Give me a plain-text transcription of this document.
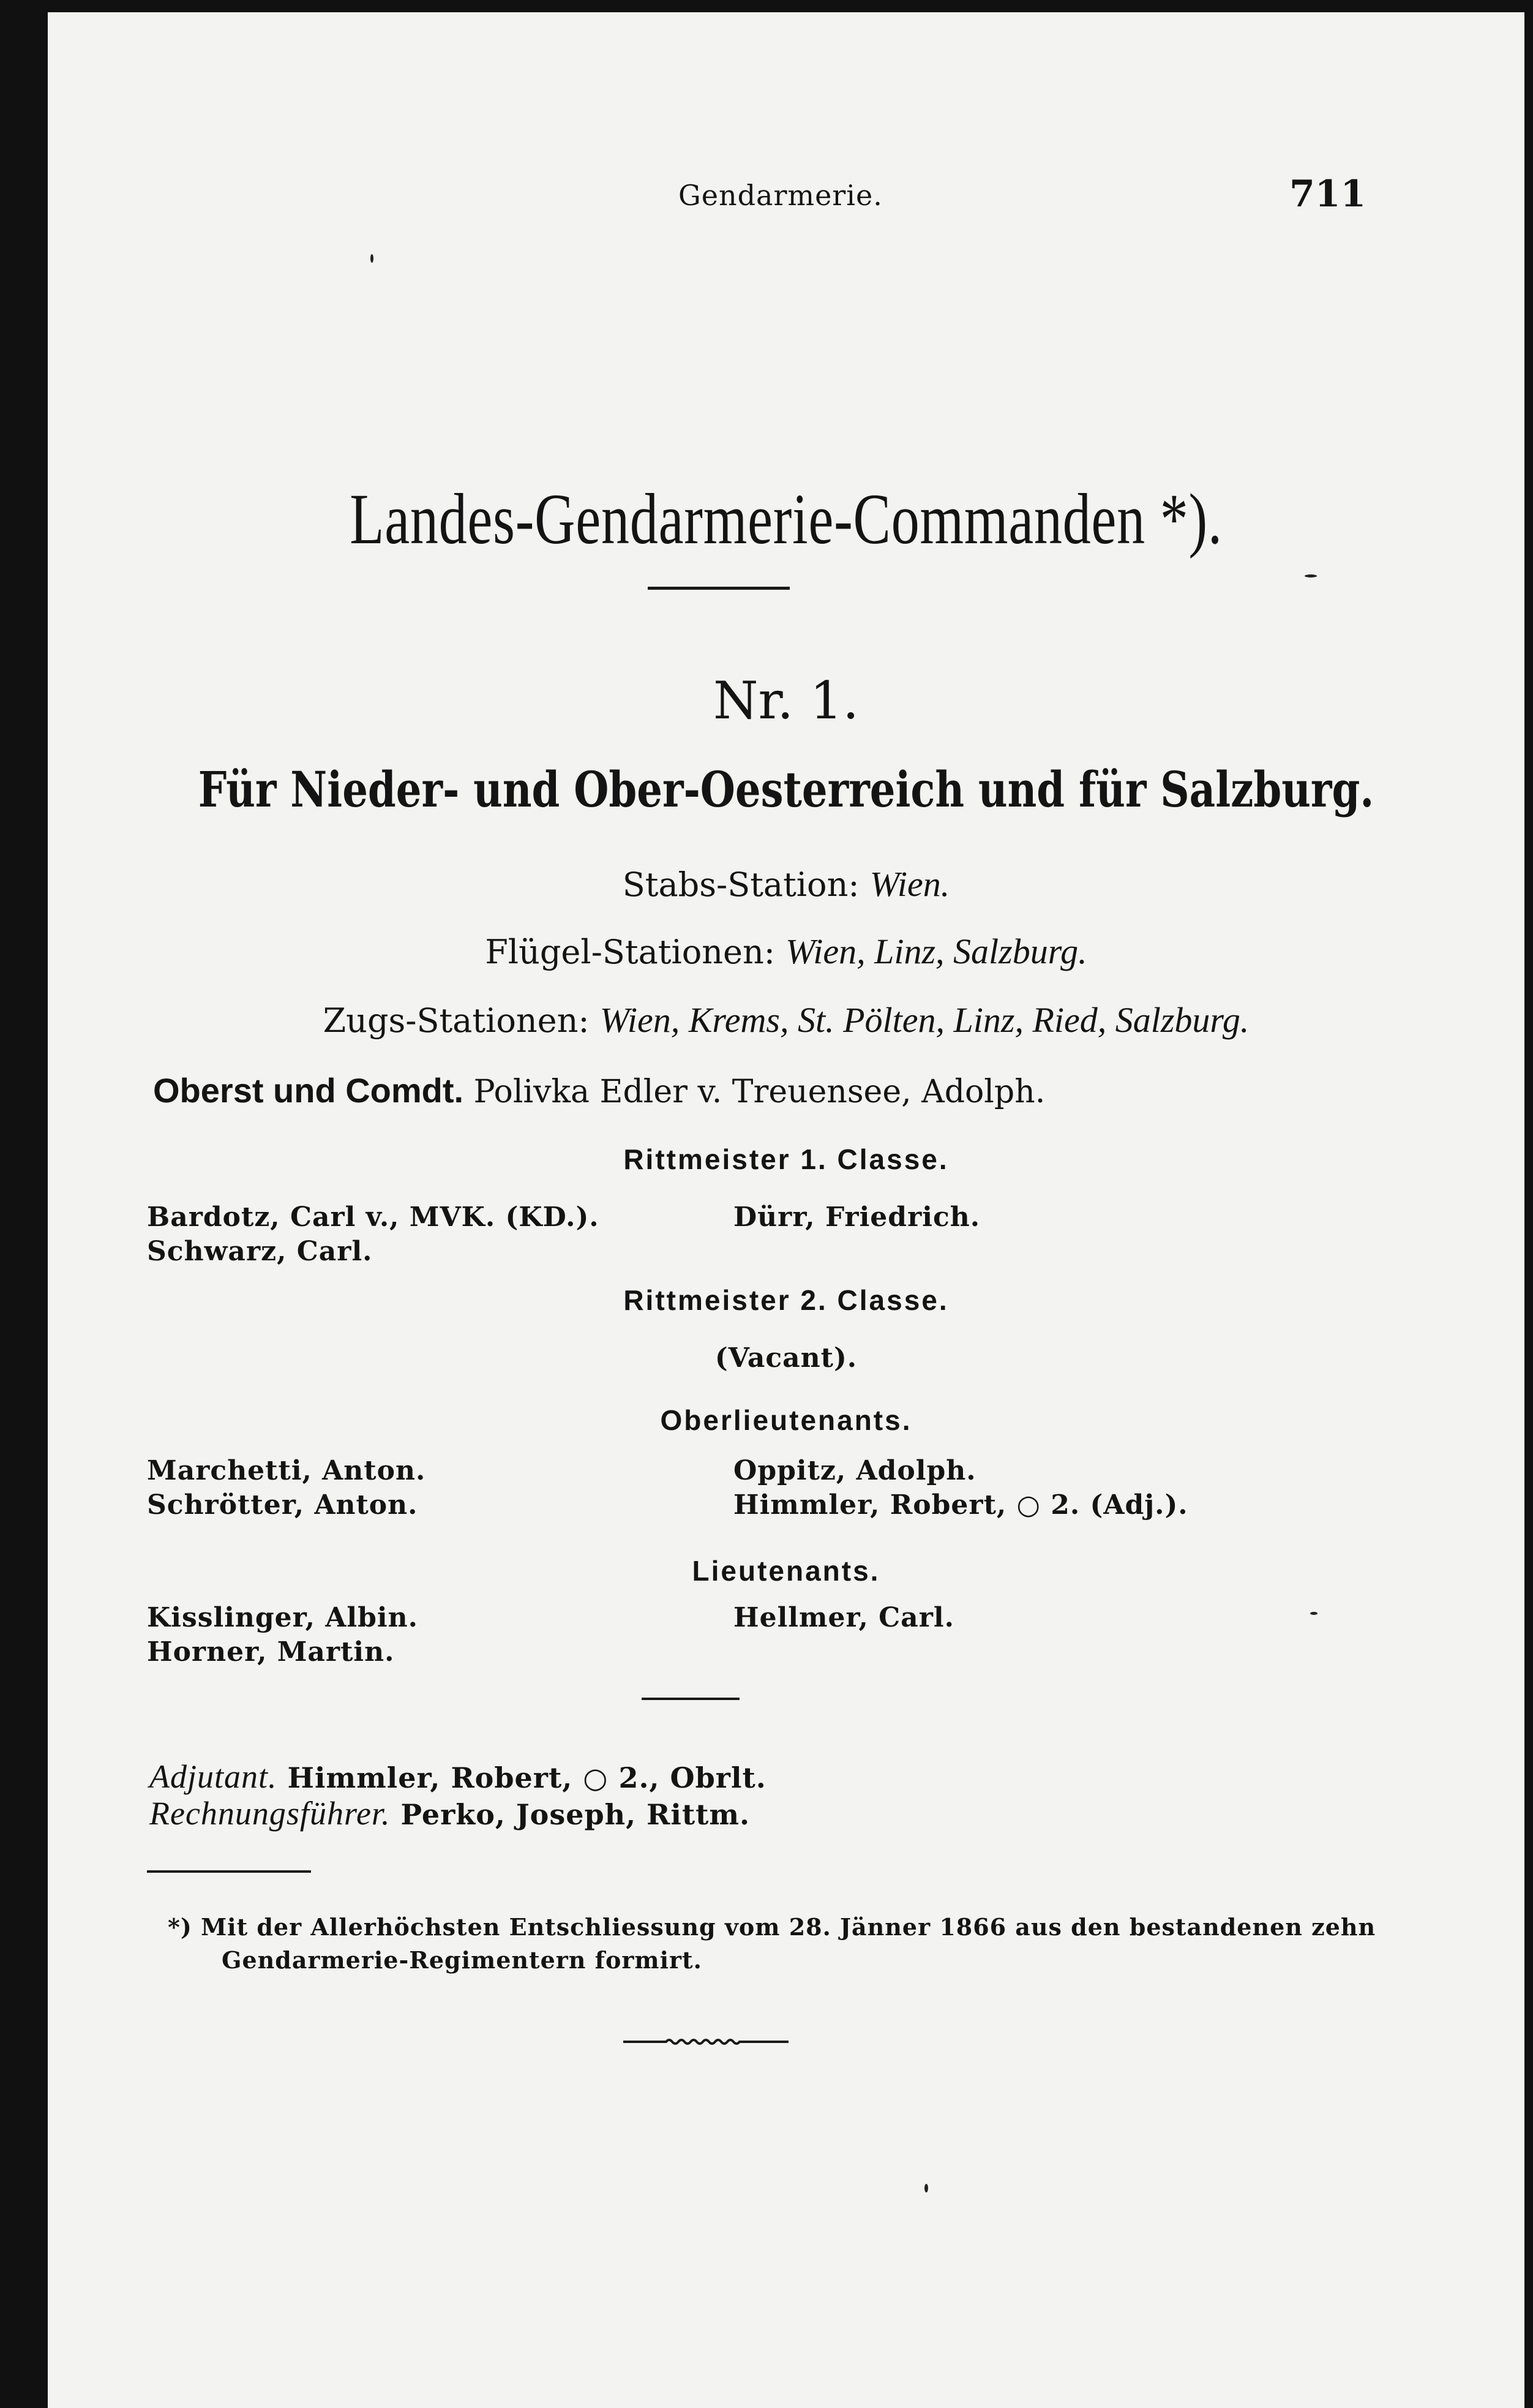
Gendarmerie.	711
Landes-Gendarmerie-Commanden *).
Nr. 1.
Für Nieder- und Ober-Oesterreich und für Salzburg.
Stabs-Station: Wien.
Flügel-Stationen: Wien, Linz, Salzburg.
Zugs-Stationen: Wien, Krems, St. Pölten, Linz, Ried, Salzburg.
Oberst und Comdt. Polivka Edler v. Treuensee, Adolph.
Rittmeister 1. Classe.
Bardotz, Carl v., MVK. (KD.).
Schwarz, Carl.
Dürr, Friedrich.
Rittmeister 2. Classe.
(Vacant).
Oberlieutenants.
Marchetti, Anton.
Schrötter, Anton.
Oppitz, Adolph.
Himmler, Robert, ○ 2. (Adj.).
Lieutenants.
Kisslinger, Albin.
Horner, Martin.
Hellmer, Carl.
Adjutant. Himmler, Robert, ○ 2., Obrlt.
Rechnungsführer. Perko, Joseph, Rittm.
*) Mit der Allerhöchsten Entschliessung vom 28. Jänner 1866 aus den bestandenen zehn
Gendarmerie-Regimentern formirt.
